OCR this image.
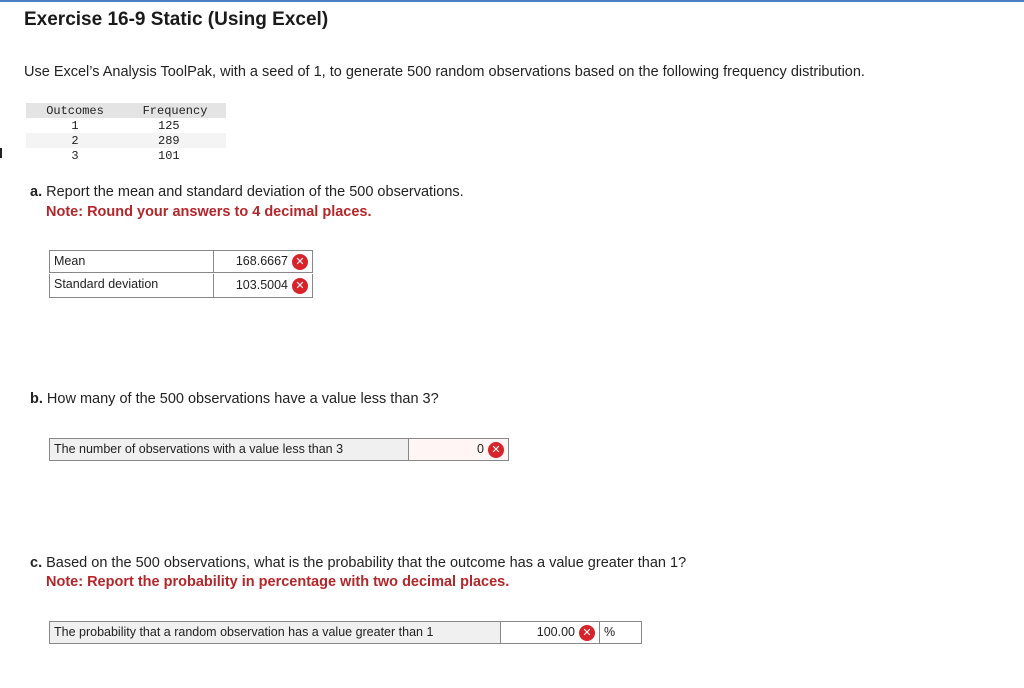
Exercise 16-9 Static (Using Excel)
Use Excel’s Analysis ToolPak, with a seed of 1, to generate 500 random observations based on the following frequency distribution.
Outcomes	Frequency
1	125
2	289
3	101
a. Report the mean and standard deviation of the 500 observations.
Note: Round your answers to 4 decimal places.
Mean	168.6667 ✕
Standard deviation	103.5004 ✕
b. How many of the 500 observations have a value less than 3?
The number of observations with a value less than 3	0 ✕
c. Based on the 500 observations, what is the probability that the outcome has a value greater than 1?
Note: Report the probability in percentage with two decimal places.
The probability that a random observation has a value greater than 1	100.00 ✕ %
